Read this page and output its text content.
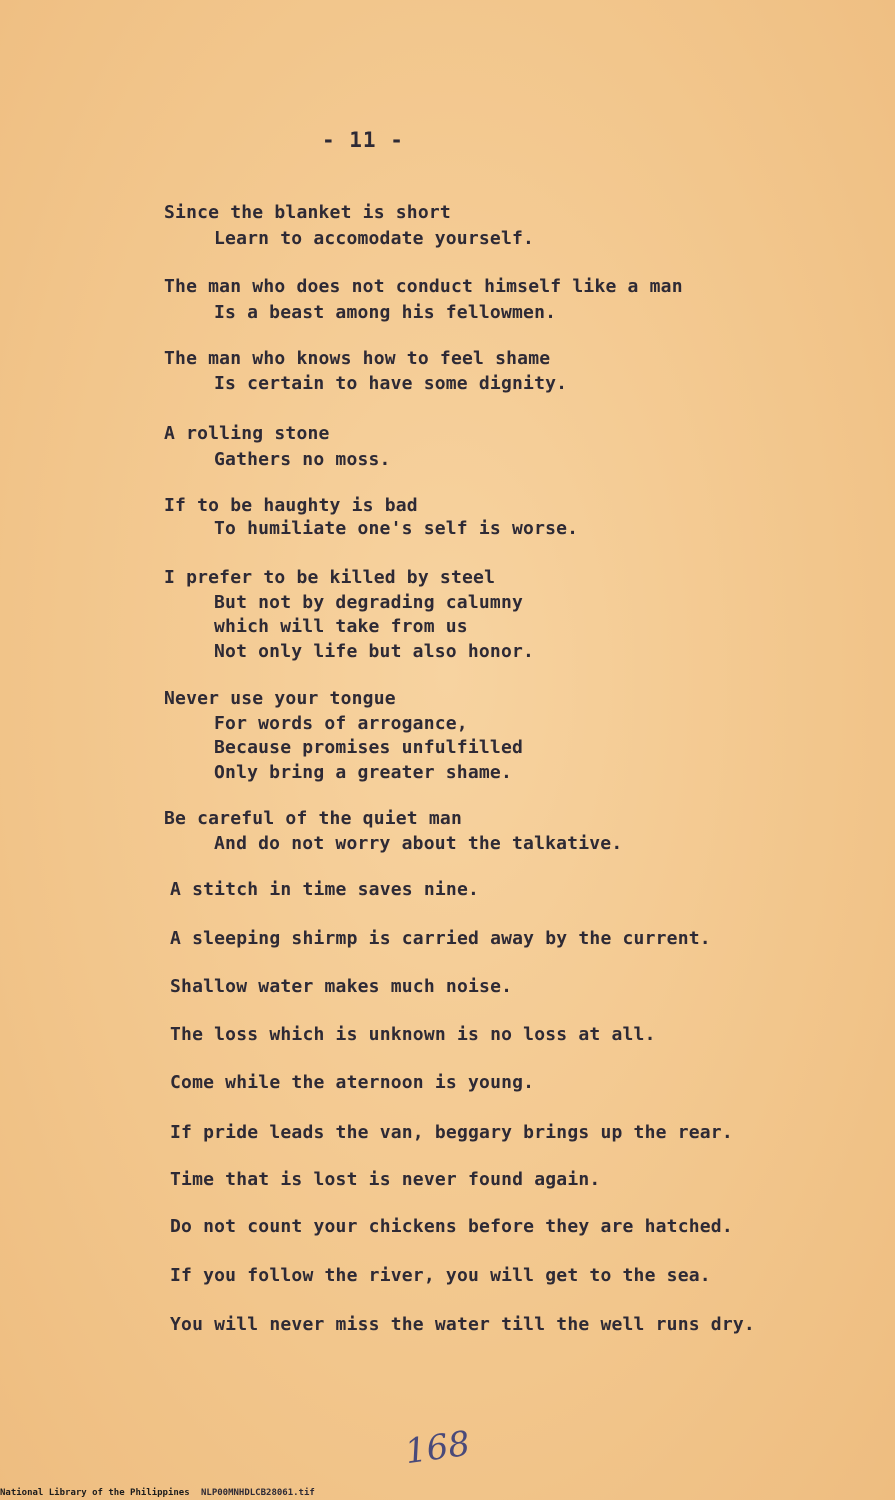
- 11 -
Since the blanket is short
Learn to accomodate yourself.
The man who does not conduct himself like a man
Is a beast among his fellowmen.
The man who knows how to feel shame
Is certain to have some dignity.
A rolling stone
Gathers no moss.
If to be haughty is bad
To humiliate one's self is worse.
I prefer to be killed by steel
But not by degrading calumny
which will take from us
Not only life but also honor.
Never use your tongue
For words of arrogance,
Because promises unfulfilled
Only bring a greater shame.
Be careful of the quiet man
And do not worry about the talkative.
A stitch in time saves nine.
A sleeping shirmp is carried away by the current.
Shallow water makes much noise.
The loss which is unknown is no loss at all.
Come while the aternoon is young.
If pride leads the van, beggary brings up the rear.
Time that is lost is never found again.
Do not count your chickens before they are hatched.
If you follow the river, you will get to the sea.
You will never miss the water till the well runs dry.
168
National Library of the Philippines NLP00MNHDLCB28061.tif
